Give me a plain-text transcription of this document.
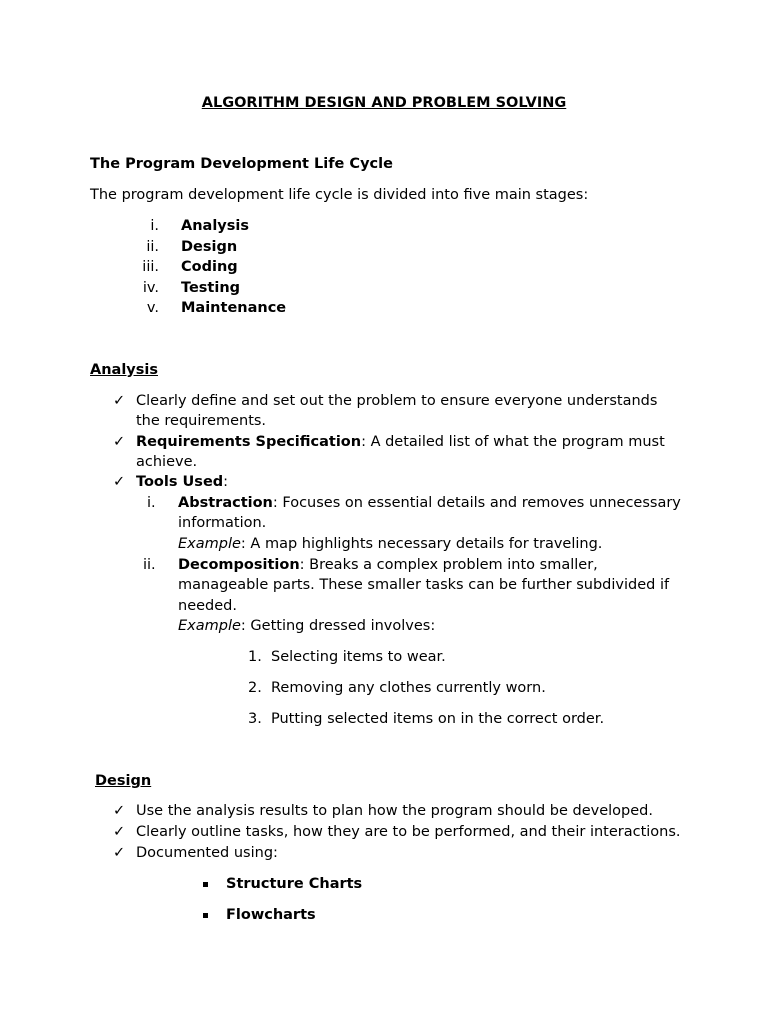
ALGORITHM DESIGN AND PROBLEM SOLVING
The Program Development Life Cycle
The program development life cycle is divided into five main stages:
i. Analysis
ii. Design
iii. Coding
iv. Testing
v. Maintenance
Analysis
✓ Clearly define and set out the problem to ensure everyone understands
the requirements.
✓ Requirements Specification: A detailed list of what the program must
achieve.
✓ Tools Used:
i. Abstraction: Focuses on essential details and removes unnecessary
information.
Example: A map highlights necessary details for traveling.
ii. Decomposition: Breaks a complex problem into smaller,
manageable parts. These smaller tasks can be further subdivided if
needed.
Example: Getting dressed involves:
1. Selecting items to wear.
2. Removing any clothes currently worn.
3. Putting selected items on in the correct order.
Design
✓ Use the analysis results to plan how the program should be developed.
✓ Clearly outline tasks, how they are to be performed, and their interactions.
✓ Documented using:
Structure Charts
Flowcharts
